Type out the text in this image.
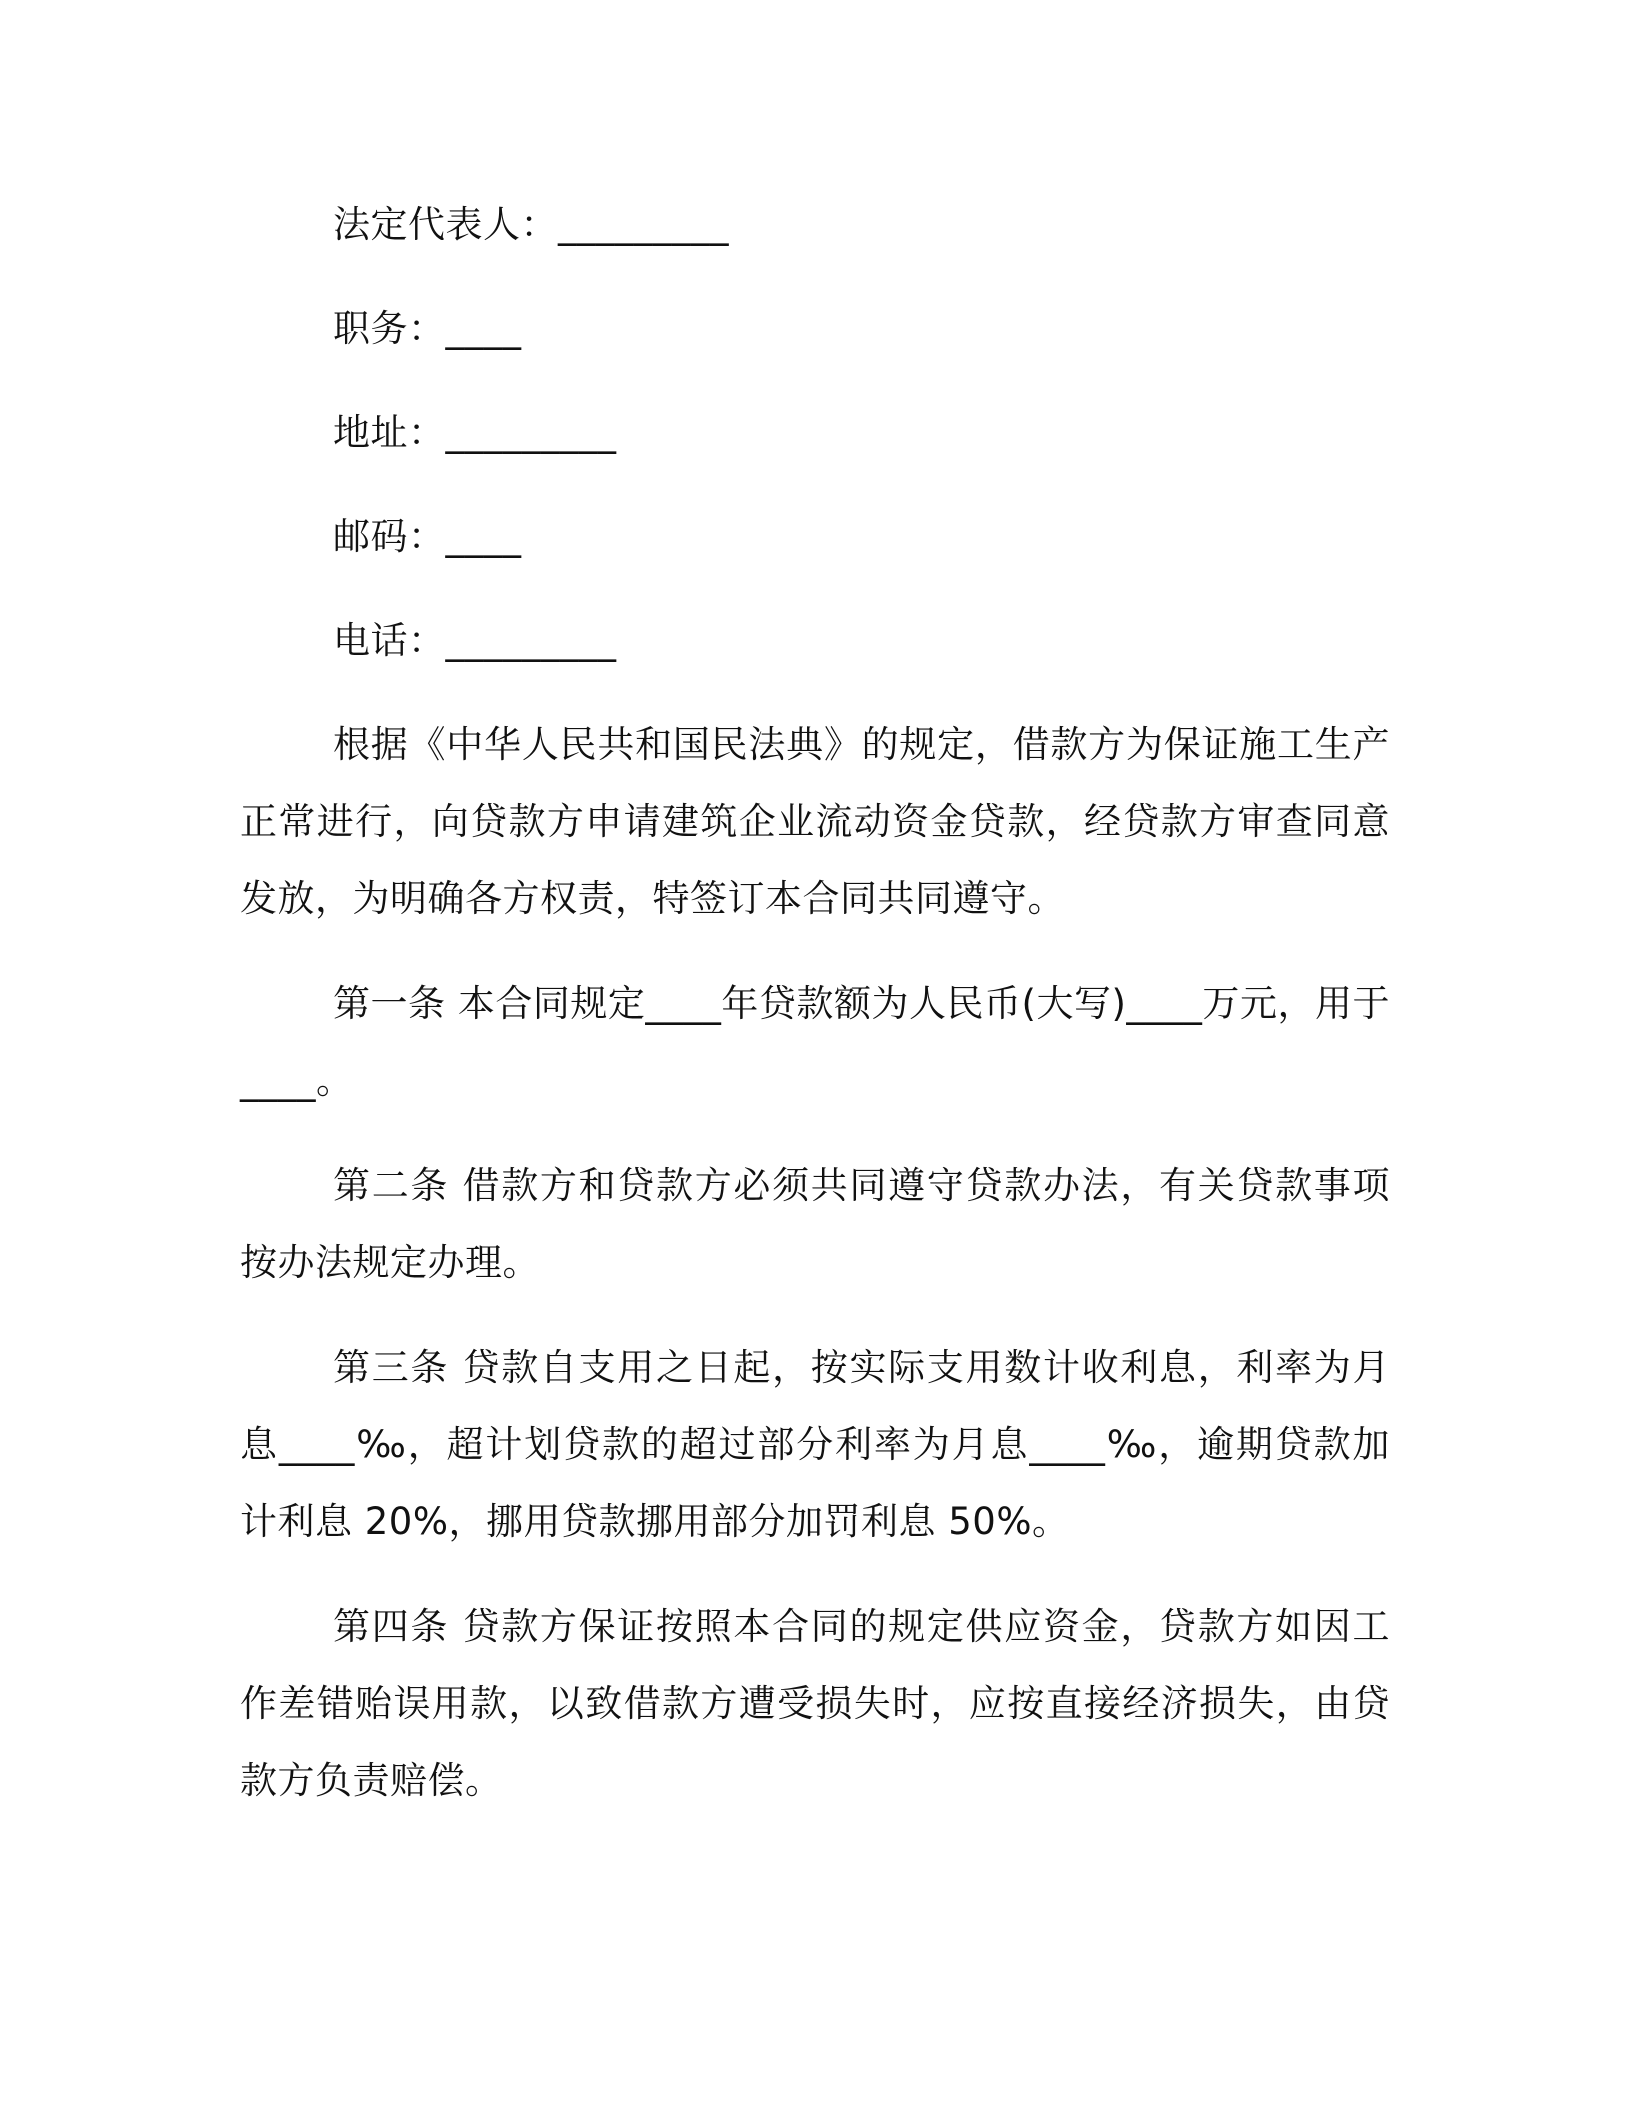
法定代表人：_________
职务：____
地址：_________
邮码：____
电话：_________

根据《中华人民共和国民法典》的规定，借款方为保证施工生产正常进行，向贷款方申请建筑企业流动资金贷款，经贷款方审查同意发放，为明确各方权责，特签订本合同共同遵守。

第一条 本合同规定____年贷款额为人民币(大写)____万元，用于____。

第二条 借款方和贷款方必须共同遵守贷款办法，有关贷款事项按办法规定办理。

第三条 贷款自支用之日起，按实际支用数计收利息，利率为月息____‰，超计划贷款的超过部分利率为月息____‰，逾期贷款加计利息 20%，挪用贷款挪用部分加罚利息 50%。

第四条 贷款方保证按照本合同的规定供应资金，贷款方如因工作差错贻误用款，以致借款方遭受损失时，应按直接经济损失，由贷款方负责赔偿。
